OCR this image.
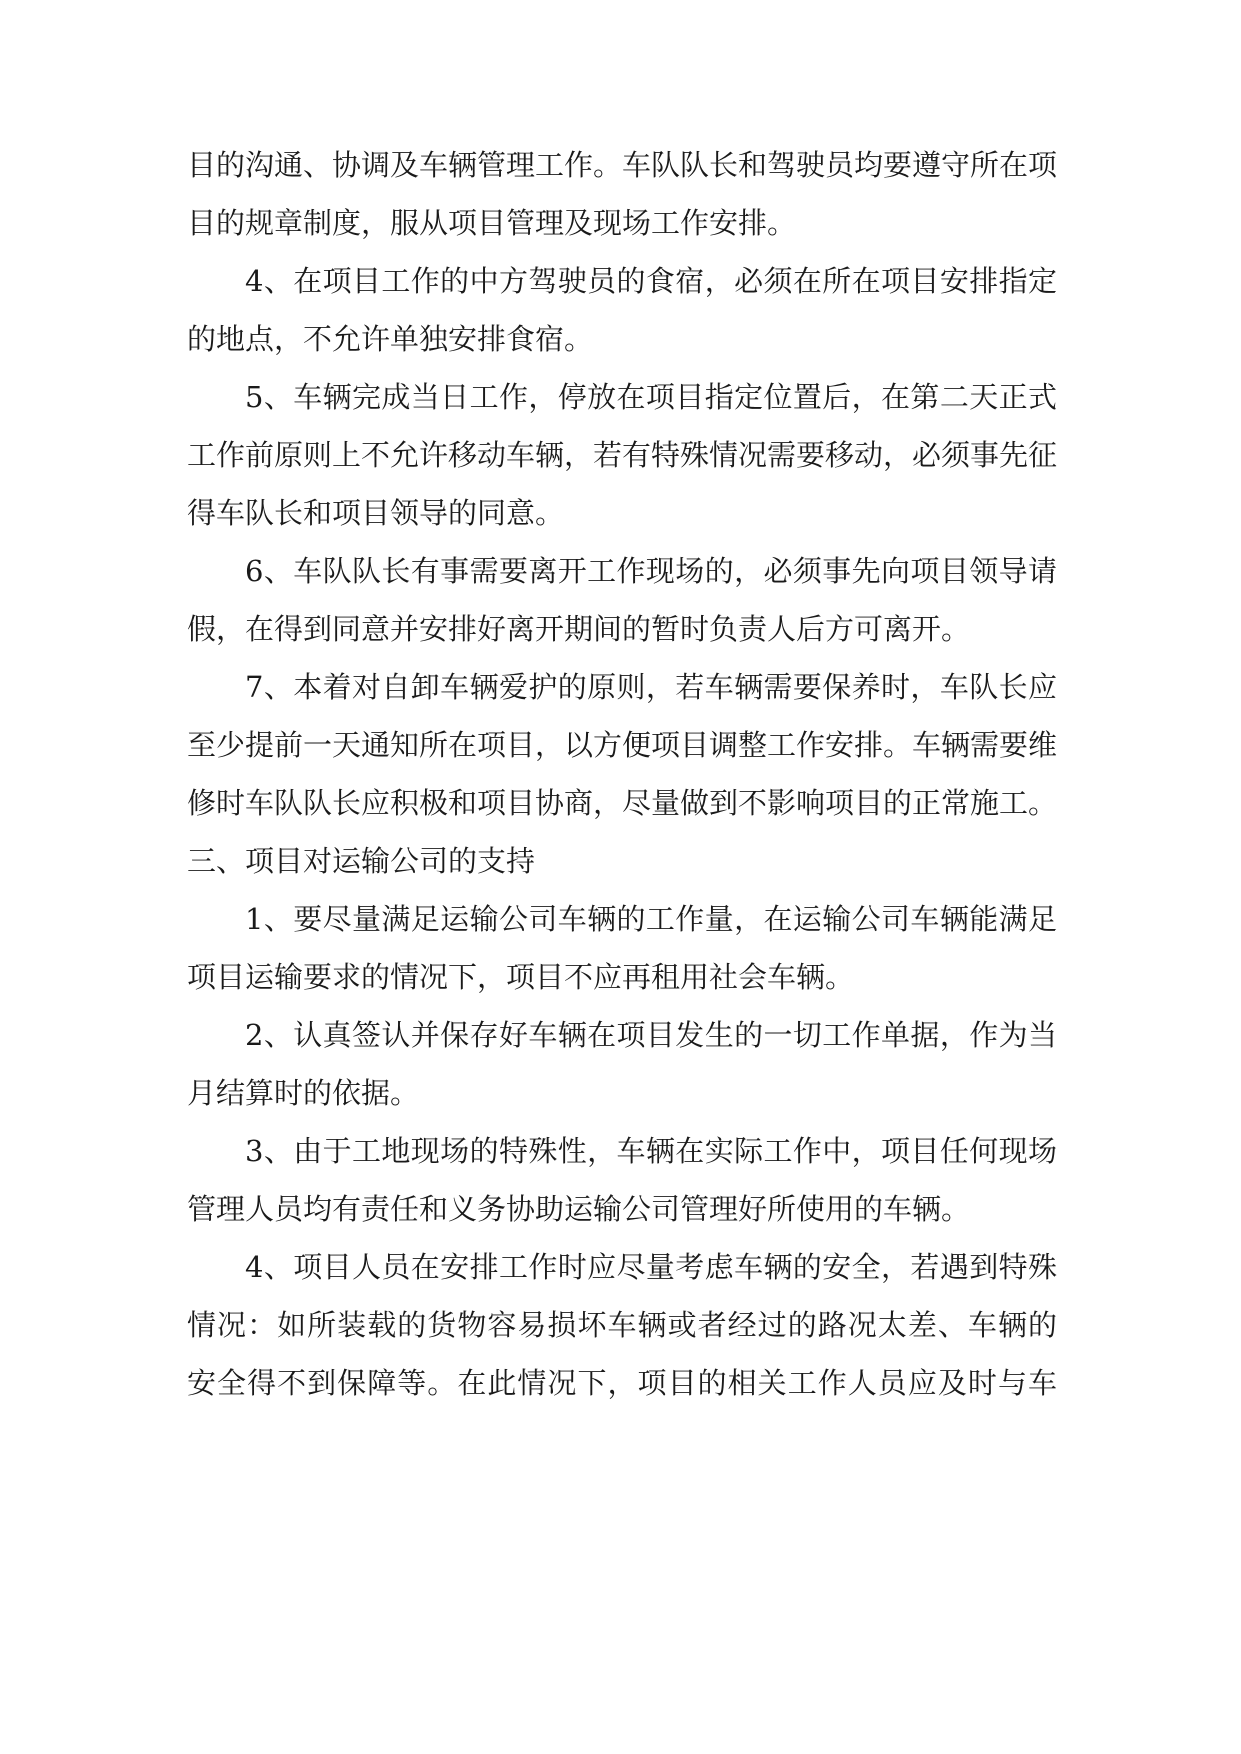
目的沟通、协调及车辆管理工作。车队队长和驾驶员均要遵守所在项
目的规章制度，服从项目管理及现场工作安排。
4、在项目工作的中方驾驶员的食宿，必须在所在项目安排指定
的地点，不允许单独安排食宿。
5、车辆完成当日工作，停放在项目指定位置后，在第二天正式
工作前原则上不允许移动车辆，若有特殊情况需要移动，必须事先征
得车队长和项目领导的同意。
6、车队队长有事需要离开工作现场的，必须事先向项目领导请
假，在得到同意并安排好离开期间的暂时负责人后方可离开。
7、本着对自卸车辆爱护的原则，若车辆需要保养时，车队长应
至少提前一天通知所在项目，以方便项目调整工作安排。车辆需要维
修时车队队长应积极和项目协商，尽量做到不影响项目的正常施工。
三、项目对运输公司的支持
1、要尽量满足运输公司车辆的工作量，在运输公司车辆能满足
项目运输要求的情况下，项目不应再租用社会车辆。
2、认真签认并保存好车辆在项目发生的一切工作单据，作为当
月结算时的依据。
3、由于工地现场的特殊性，车辆在实际工作中，项目任何现场
管理人员均有责任和义务协助运输公司管理好所使用的车辆。
4、项目人员在安排工作时应尽量考虑车辆的安全，若遇到特殊
情况：如所装载的货物容易损坏车辆或者经过的路况太差、车辆的
安全得不到保障等。在此情况下，项目的相关工作人员应及时与车
